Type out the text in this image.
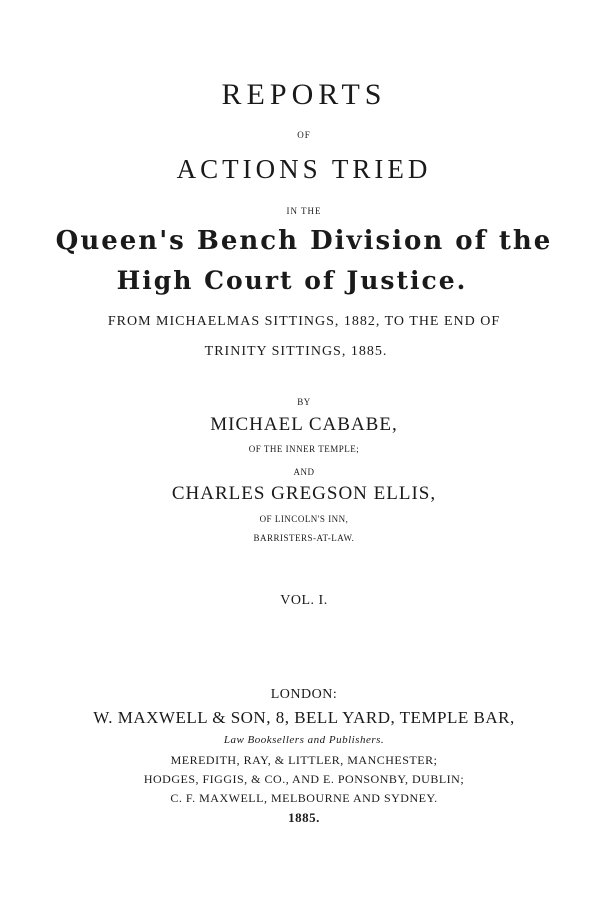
REPORTS
OF
ACTIONS TRIED
IN THE
Queen's Bench Division of the
High Court of Justice.
FROM MICHAELMAS SITTINGS, 1882, TO THE END OF
TRINITY SITTINGS, 1885.
BY
MICHAEL CABABE,
OF THE INNER TEMPLE;
AND
CHARLES GREGSON ELLIS,
OF LINCOLN'S INN,
BARRISTERS-AT-LAW.
VOL. I.
LONDON:
W. MAXWELL & SON, 8, BELL YARD, TEMPLE BAR,
Law Booksellers and Publishers.
MEREDITH, RAY, & LITTLER, MANCHESTER;
HODGES, FIGGIS, & CO., AND E. PONSONBY, DUBLIN;
C. F. MAXWELL, MELBOURNE AND SYDNEY.
1885.
